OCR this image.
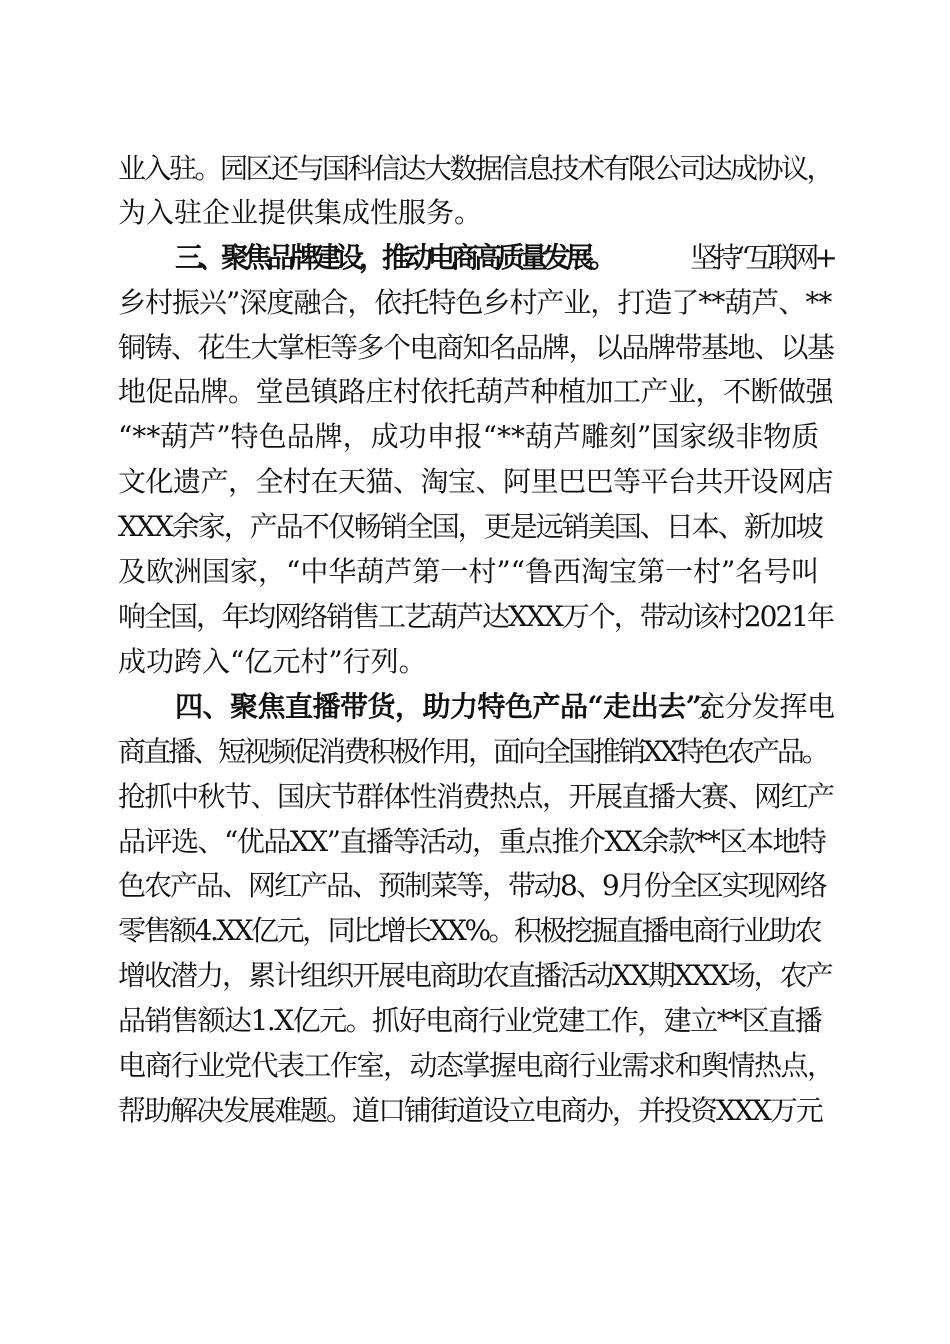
业入驻。园区还与国科信达大数据信息技术有限公司达成协议，
为入驻企业提供集成性服务。
三、聚焦品牌建设，推动电商高质量发展。	坚持“互联网+
乡村振兴”深度融合，依托特色乡村产业，打造了**葫芦、**
铜铸、花生大掌柜等多个电商知名品牌，以品牌带基地、以基
地促品牌。堂邑镇路庄村依托葫芦种植加工产业，不断做强
“**葫芦”特色品牌，成功申报“**葫芦雕刻”国家级非物质
文化遗产，全村在天猫、淘宝、阿里巴巴等平台共开设网店
XXX余家，产品不仅畅销全国，更是远销美国、日本、新加坡
及欧洲国家，“中华葫芦第一村”“鲁西淘宝第一村”名号叫
响全国，年均网络销售工艺葫芦达XXX万个，带动该村2021年
成功跨入“亿元村”行列。
四、聚焦直播带货，助力特色产品“走出去”。
充分发挥电
商直播、短视频促消费积极作用，面向全国推销XX特色农产品。
抢抓中秋节、国庆节群体性消费热点，开展直播大赛、网红产
品评选、“优品XX”直播等活动，重点推介XX余款**区本地特
色农产品、网红产品、预制菜等，带动8、9月份全区实现网络
零售额4.XX亿元，同比增长XX%。积极挖掘直播电商行业助农
增收潜力，累计组织开展电商助农直播活动XX期XXX场，农产
品销售额达1.X亿元。抓好电商行业党建工作，建立**区直播
电商行业党代表工作室，动态掌握电商行业需求和舆情热点，
帮助解决发展难题。道口铺街道设立电商办，并投资XXX万元
